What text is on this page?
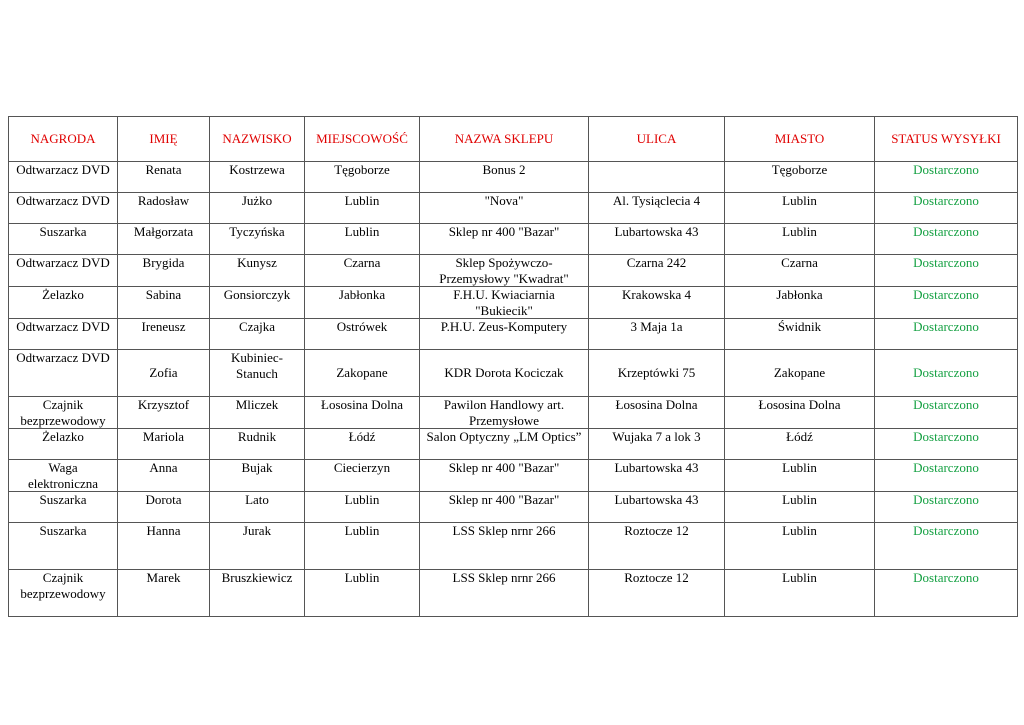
NAGRODA	IMIĘ	NAZWISKO	MIEJSCOWOŚĆ	NAZWA SKLEPU	ULICA	MIASTO	STATUS WYSYŁKI
Odtwarzacz DVD	Renata	Kostrzewa	Tęgoborze	Bonus 2		Tęgoborze	Dostarczono
Odtwarzacz DVD	Radosław	Jużko	Lublin	"Nova"	Al. Tysiąclecia 4	Lublin	Dostarczono
Suszarka	Małgorzata	Tyczyńska	Lublin	Sklep nr 400 "Bazar"	Lubartowska 43	Lublin	Dostarczono
Odtwarzacz DVD	Brygida	Kunysz	Czarna	Sklep Spożywczo-Przemysłowy "Kwadrat"	Czarna 242	Czarna	Dostarczono
Żelazko	Sabina	Gonsiorczyk	Jabłonka	F.H.U. Kwiaciarnia "Bukiecik"	Krakowska 4	Jabłonka	Dostarczono
Odtwarzacz DVD	Ireneusz	Czajka	Ostrówek	P.H.U. Zeus-Komputery	3 Maja 1a	Świdnik	Dostarczono
Odtwarzacz DVD	Zofia	Kubiniec-Stanuch	Zakopane	KDR Dorota Kociczak	Krzeptówki 75	Zakopane	Dostarczono
Czajnik bezprzewodowy	Krzysztof	Mliczek	Łososina Dolna	Pawilon Handlowy art. Przemysłowe	Łososina Dolna	Łososina Dolna	Dostarczono
Żelazko	Mariola	Rudnik	Łódź	Salon Optyczny „LM Optics”	Wujaka 7 a lok 3	Łódź	Dostarczono
Waga elektroniczna	Anna	Bujak	Ciecierzyn	Sklep nr 400 "Bazar"	Lubartowska 43	Lublin	Dostarczono
Suszarka	Dorota	Lato	Lublin	Sklep nr 400 "Bazar"	Lubartowska 43	Lublin	Dostarczono
Suszarka	Hanna	Jurak	Lublin	LSS Sklep nrnr 266	Roztocze 12	Lublin	Dostarczono
Czajnik bezprzewodowy	Marek	Bruszkiewicz	Lublin	LSS Sklep nrnr 266	Roztocze 12	Lublin	Dostarczono
